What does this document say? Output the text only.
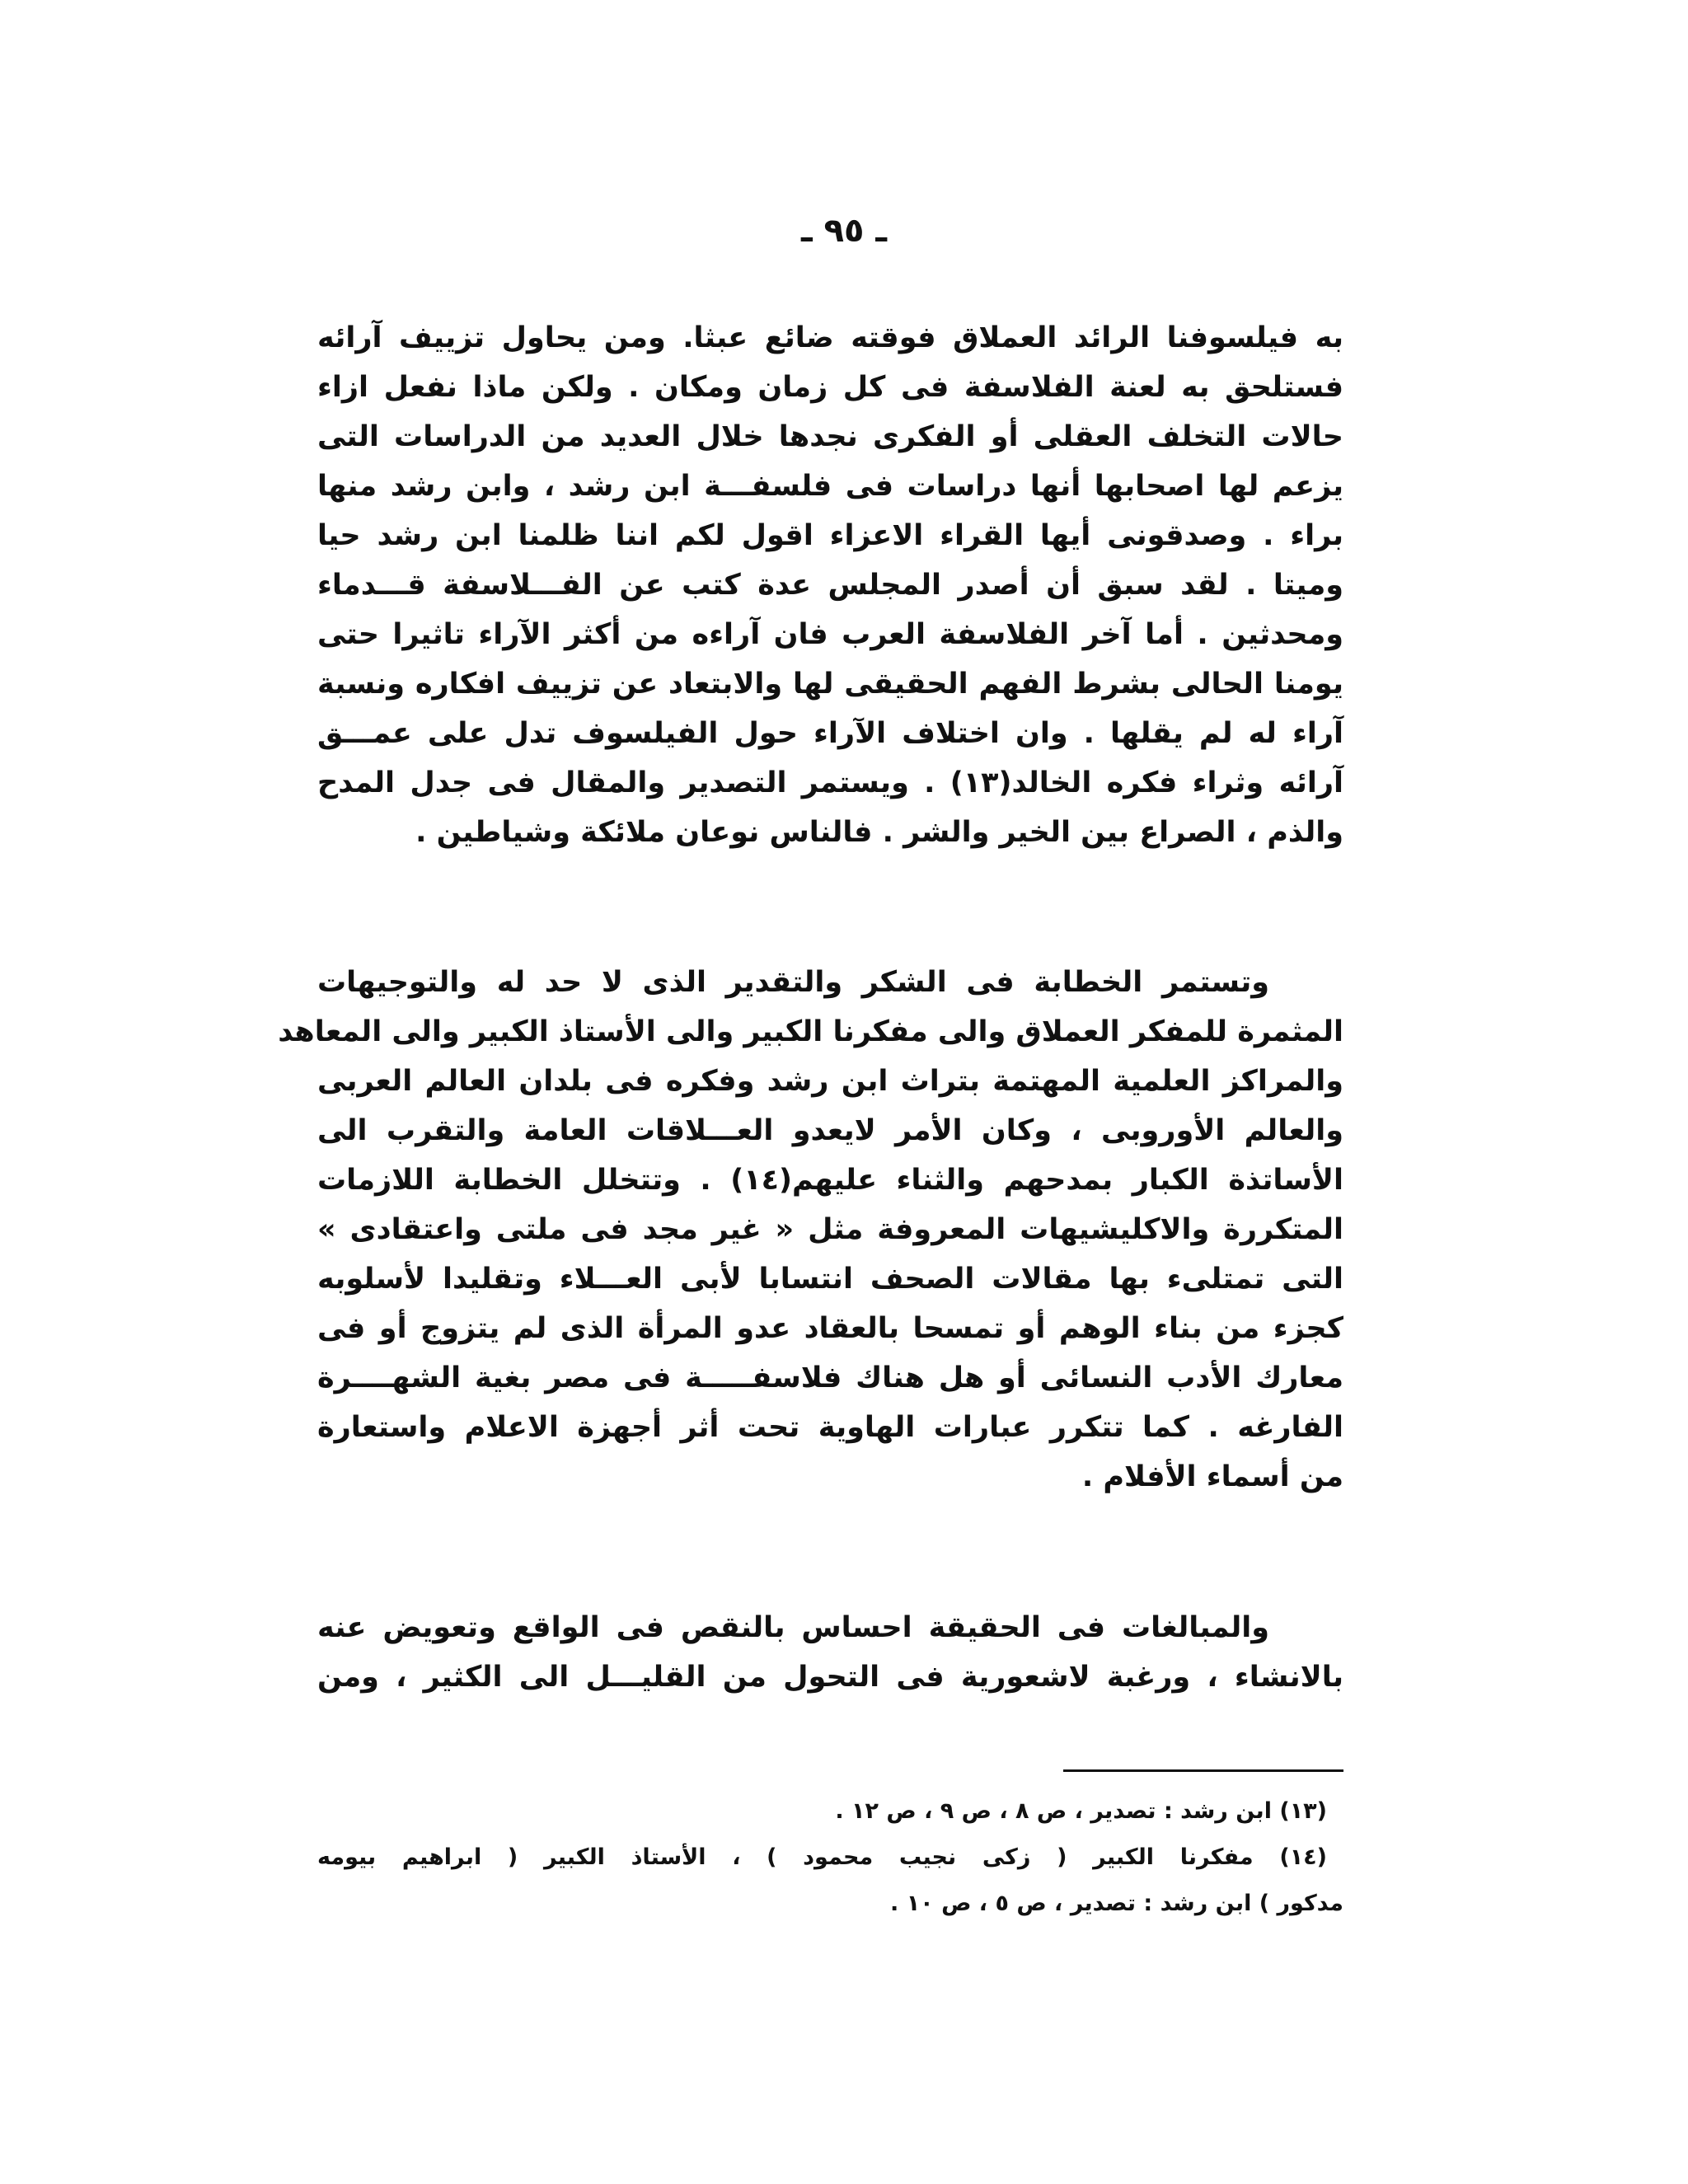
ـ ٩٥ ـ
به فيلسوفنا الرائد العملاق فوقته ضائع عبثا. ومن يحاول تزييف آرائه
فستلحق به لعنة الفلاسفة فى كل زمان ومكان . ولكن ماذا نفعل ازاء
حالات التخلف العقلى أو الفكرى نجدها خلال العديد من الدراسات التى
يزعم لها اصحابها أنها دراسات فى فلسفـــة ابن رشد ، وابن رشد منها
براء . وصدقونى أيها القراء الاعزاء اقول لكم اننا ظلمنا ابن رشد حيا
وميتا . لقد سبق أن أصدر المجلس عدة كتب عن الفـــلاسفة قـــدماء
ومحدثين . أما آخر الفلاسفة العرب فان آراءه من أكثر الآراء تاثيرا حتى
يومنا الحالى بشرط الفهم الحقيقى لها والابتعاد عن تزييف افكاره ونسبة
آراء له لم يقلها . وان اختلاف الآراء حول الفيلسوف تدل على عمـــق
آرائه وثراء فكره الخالد(١٣) . ويستمر التصدير والمقال فى جدل المدح
والذم ، الصراع بين الخير والشر . فالناس نوعان ملائكة وشياطين .
وتستمر الخطابة فى الشكر والتقدير الذى لا حد له والتوجيهات
المثمرة للمفكر العملاق والى مفكرنا الكبير والى الأستاذ الكبير والى المعاهد
والمراكز العلمية المهتمة بتراث ابن رشد وفكره فى بلدان العالم العربى
والعالم الأوروبى ، وكان الأمر لايعدو العـــلاقات العامة والتقرب الى
الأساتذة الكبار بمدحهم والثناء عليهم(١٤) . وتتخلل الخطابة اللازمات
المتكررة والاكليشيهات المعروفة مثل « غير مجد فى ملتى واعتقادى »
التى تمتلىء بها مقالات الصحف انتسابا لأبى العـــلاء وتقليدا لأسلوبه
كجزء من بناء الوهم أو تمسحا بالعقاد عدو المرأة الذى لم يتزوج أو فى
معارك الأدب النسائى أو هل هناك فلاسفـــــة فى مصر بغية الشهــــرة
الفارغه . كما تتكرر عبارات الهاوية تحت أثر أجهزة الاعلام واستعارة
من أسماء الأفلام .
والمبالغات فى الحقيقة احساس بالنقص فى الواقع وتعويض عنه
بالانشاء ، ورغبة لاشعورية فى التحول من القليـــل الى الكثير ، ومن
(١٣) ابن رشد : تصدير ، ص ٨ ، ص ٩ ، ص ١٢ .
(١٤) مفكرنا الكبير ( زكى نجيب محمود ) ، الأستاذ الكبير ( ابراهيم بيومه
مدكور ) ابن رشد : تصدير ، ص ٥ ، ص ١٠ .
